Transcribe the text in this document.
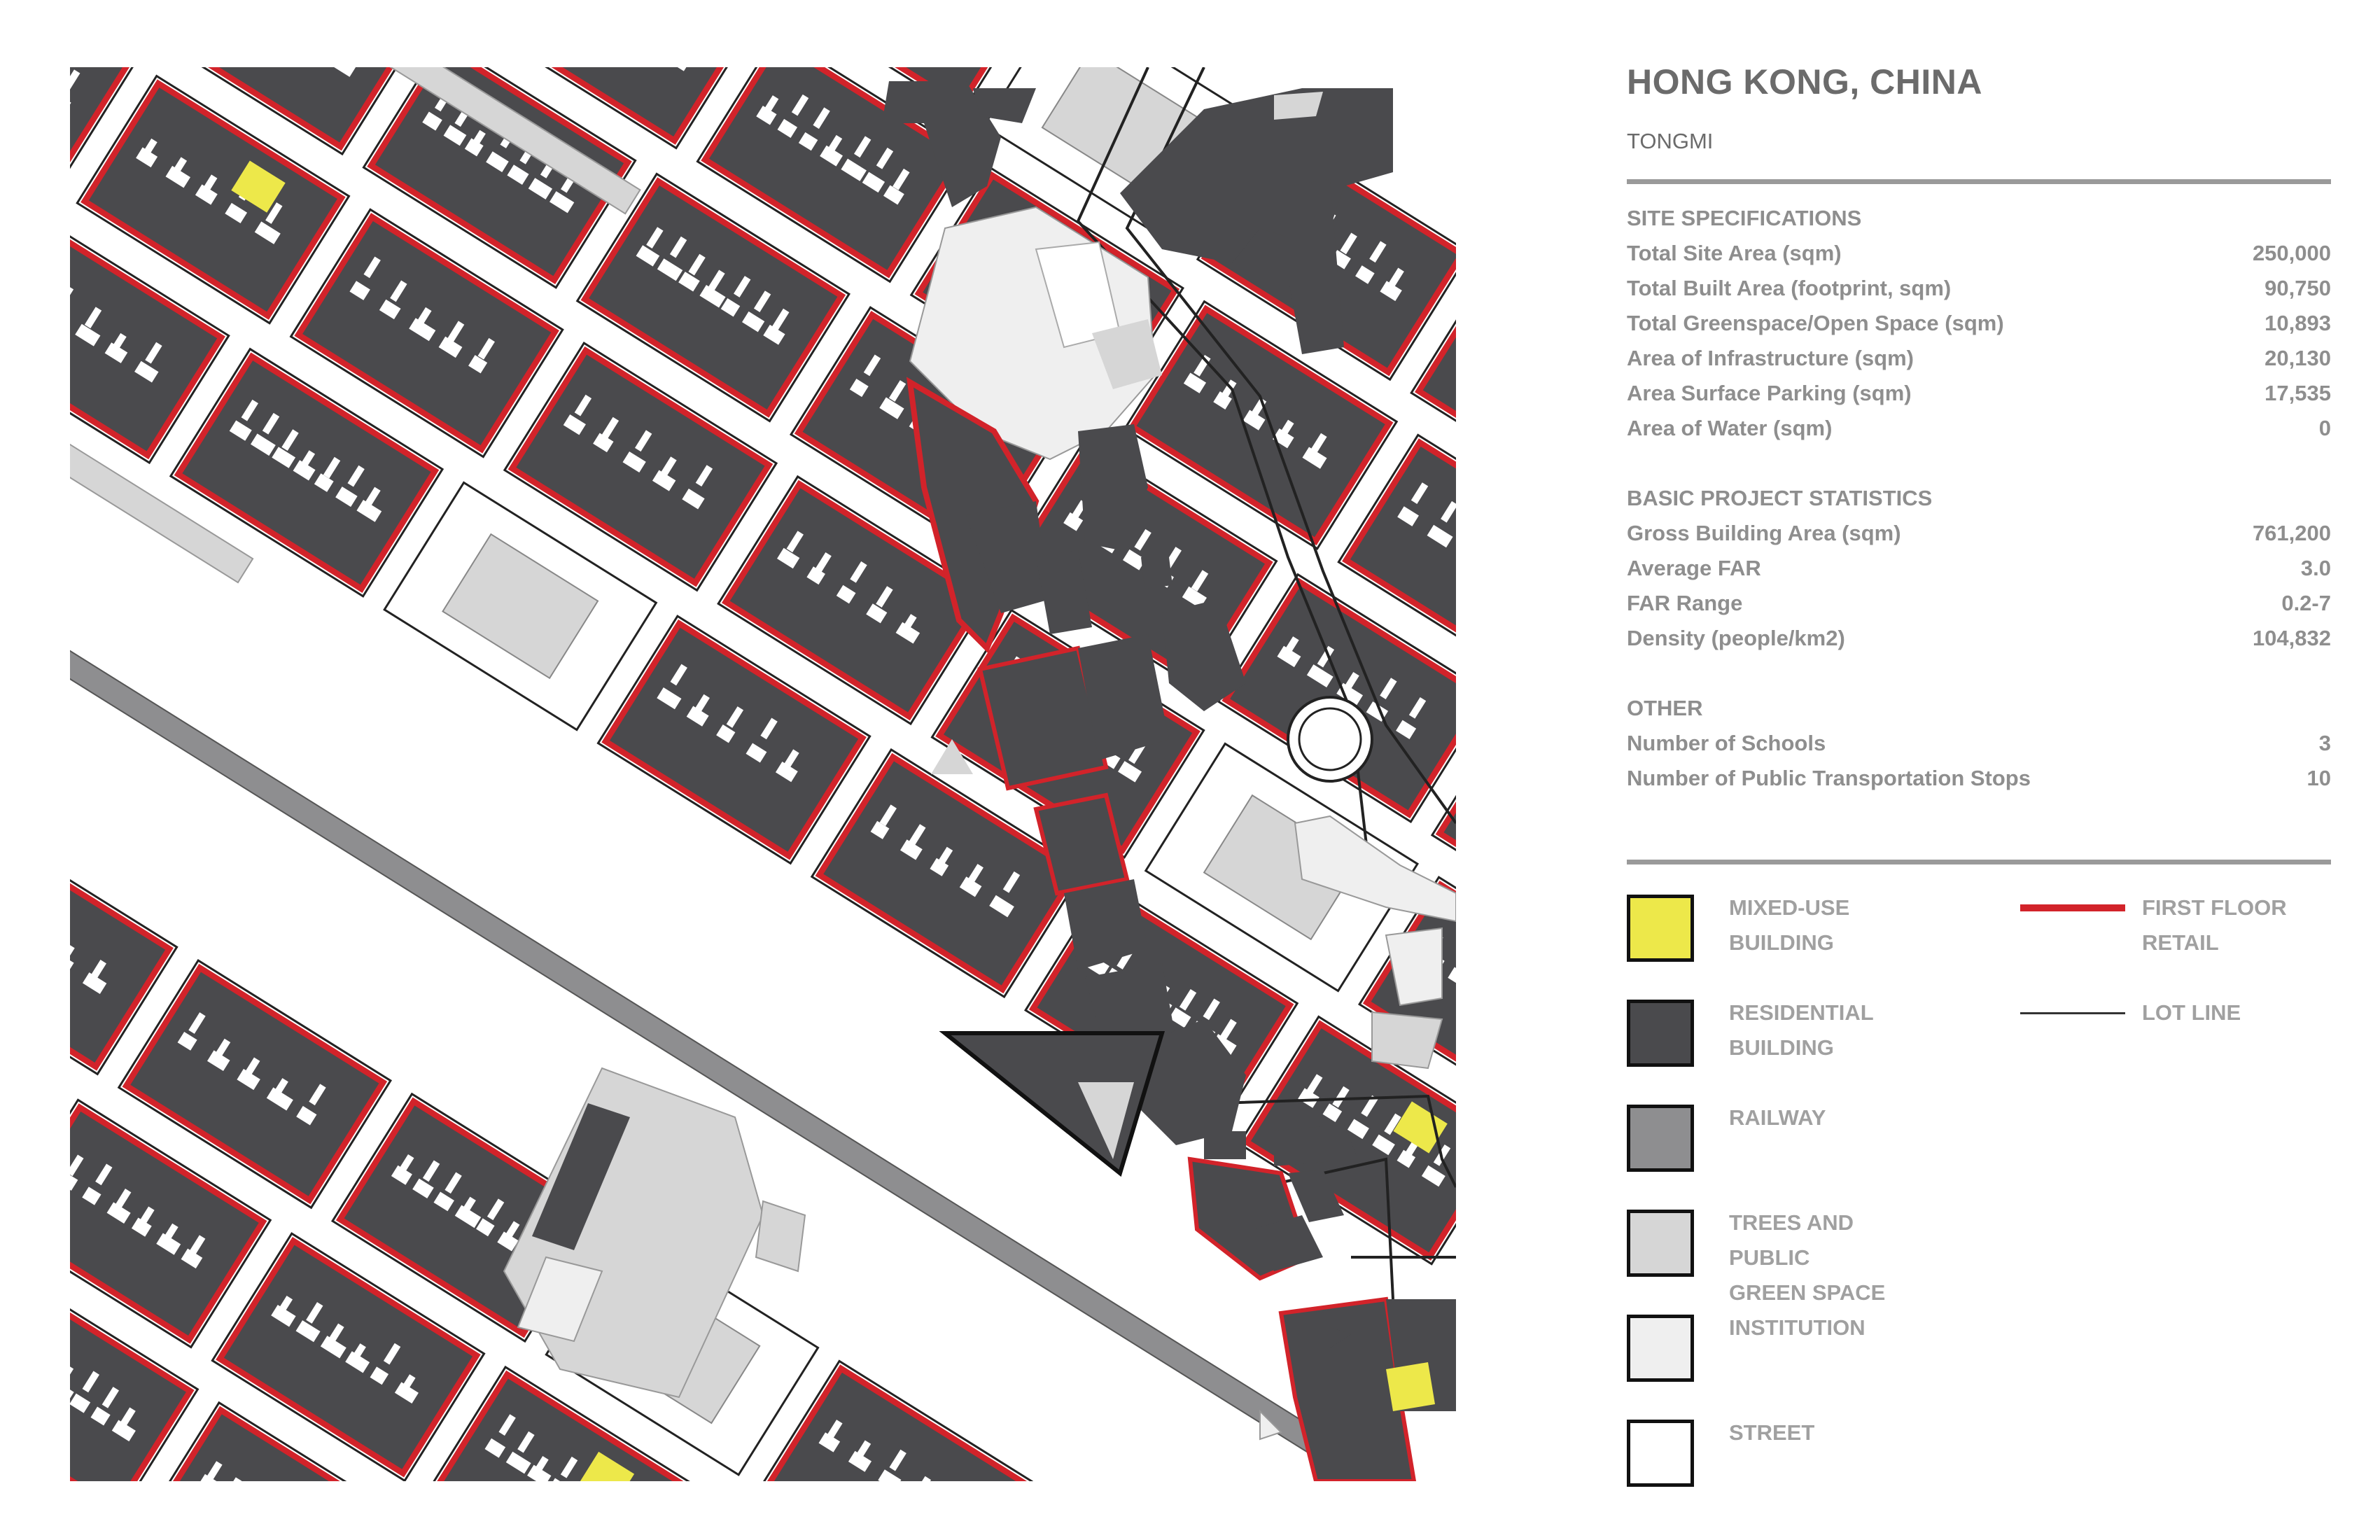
HONG KONG, CHINA
TONGMI
SITE SPECIFICATIONS
Total Site Area (sqm)	250,000
Total Built Area (footprint, sqm)	90,750
Total Greenspace/Open Space (sqm)	10,893
Area of Infrastructure (sqm)	20,130
Area Surface Parking (sqm)	17,535
Area of Water (sqm)	0
BASIC PROJECT STATISTICS
Gross Building Area (sqm)	761,200
Average FAR	3.0
FAR Range	0.2-7
Density (people/km2)	104,832
OTHER
Number of Schools	3
Number of Public Transportation Stops	10
MIXED-USE
BUILDING
RESIDENTIAL
BUILDING
RAILWAY
TREES AND PUBLIC
GREEN SPACE
INSTITUTION
STREET
FIRST FLOOR
RETAIL
LOT LINE
